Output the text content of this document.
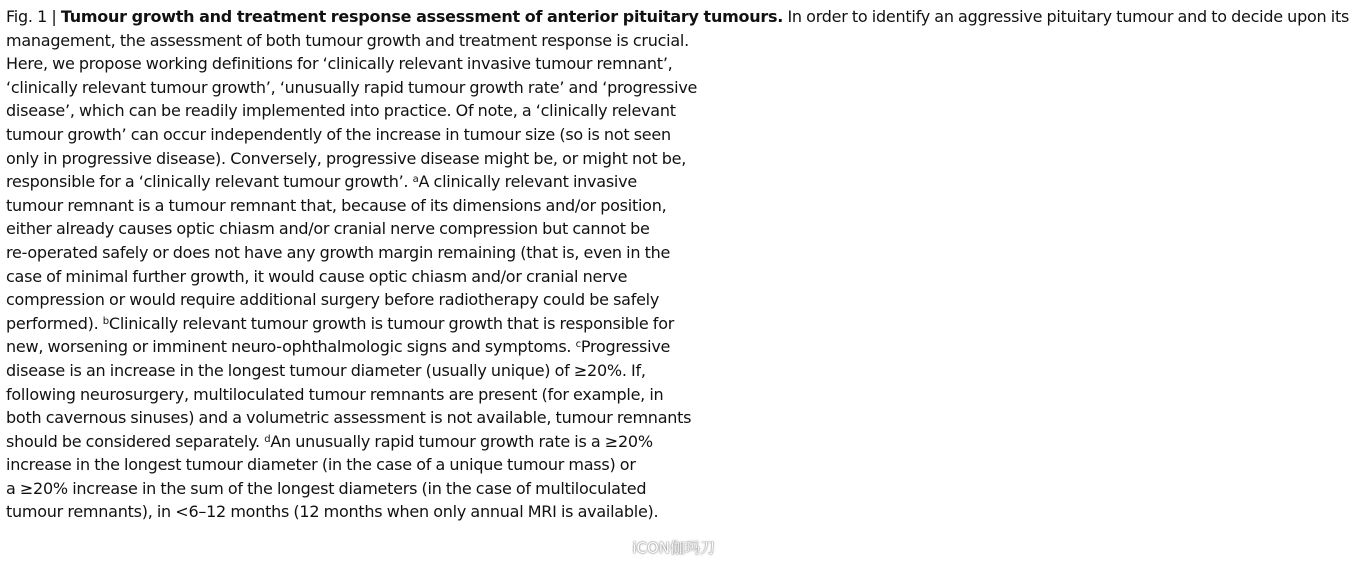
Fig. 1 | Tumour growth and treatment response assessment of anterior pituitary tumours. In order to identify an aggressive pituitary tumour and to decide upon its
management, the assessment of both tumour growth and treatment response is crucial.
Here, we propose working definitions for ‘clinically relevant invasive tumour remnant’,
‘clinically relevant tumour growth’, ‘unusually rapid tumour growth rate’ and ‘progressive
disease’, which can be readily implemented into practice. Of note, a ‘clinically relevant
tumour growth’ can occur independently of the increase in tumour size (so is not seen
only in progressive disease). Conversely, progressive disease might be, or might not be,
responsible for a ‘clinically relevant tumour growth’. $^a$A clinically relevant invasive
tumour remnant is a tumour remnant that, because of its dimensions and/or position,
either already causes optic chiasm and/or cranial nerve compression but cannot be
re-operated safely or does not have any growth margin remaining (that is, even in the
case of minimal further growth, it would cause optic chiasm and/or cranial nerve
compression or would require additional surgery before radiotherapy could be safely
performed). $^b$Clinically relevant tumour growth is tumour growth that is responsible for
new, worsening or imminent neuro-ophthalmologic signs and symptoms. $^c$Progressive
disease is an increase in the longest tumour diameter (usually unique) of ≥20%. If,
following neurosurgery, multiloculated tumour remnants are present (for example, in
both cavernous sinuses) and a volumetric assessment is not available, tumour remnants
should be considered separately. $^d$An unusually rapid tumour growth rate is a ≥20%
increase in the longest tumour diameter (in the case of a unique tumour mass) or
a ≥20% increase in the sum of the longest diameters (in the case of multiloculated
tumour remnants), in <6–12 months (12 months when only annual MRI is available).
iCON伽玛刀
